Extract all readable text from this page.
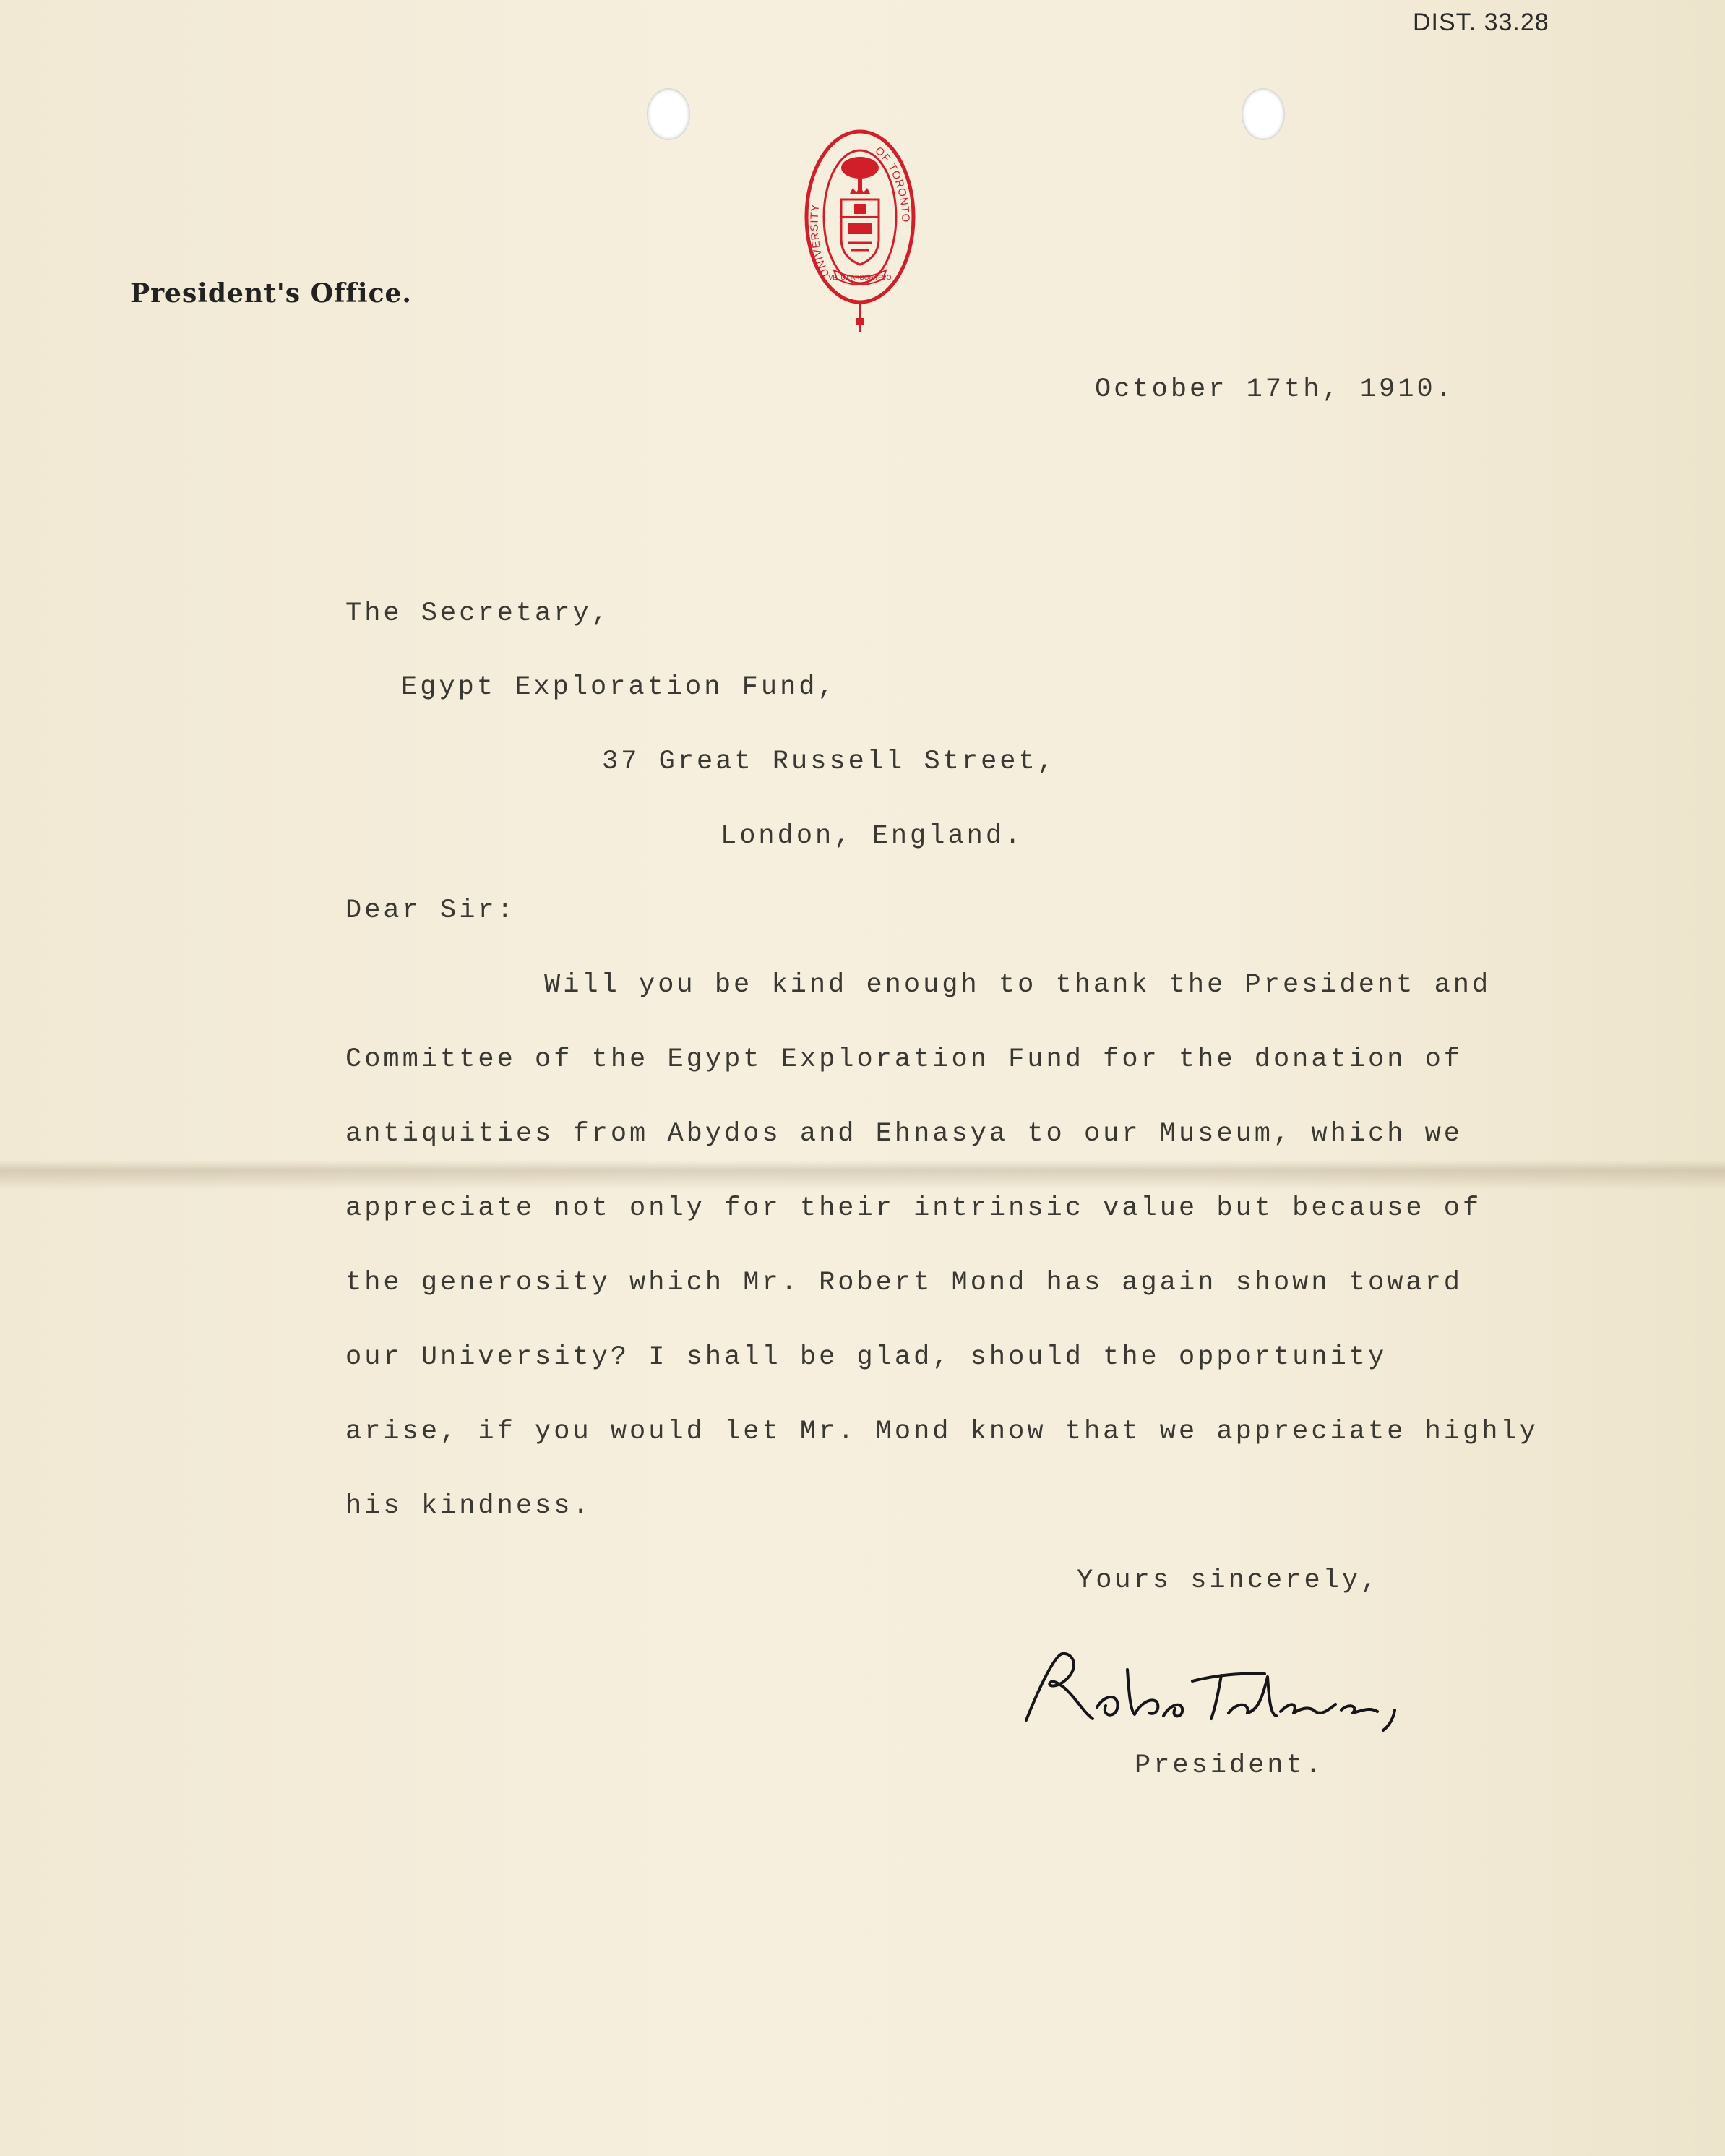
DIST. 33.28
UNIVERSITY
OF TORONTO
VELUT ARBOR ÆVO
President's Office.
October 17th, 1910.
The Secretary,
Egypt Exploration Fund,
37 Great Russell Street,
London, England.
Dear Sir:
Will you be kind enough to thank the President and
Committee of the Egypt Exploration Fund for the donation of
antiquities from Abydos and Ehnasya to our Museum, which we
appreciate not only for their intrinsic value but because of
the generosity which Mr. Robert Mond has again shown toward
our University? I shall be glad, should the opportunity
arise, if you would let Mr. Mond know that we appreciate highly
his kindness.
Yours sincerely,
President.
